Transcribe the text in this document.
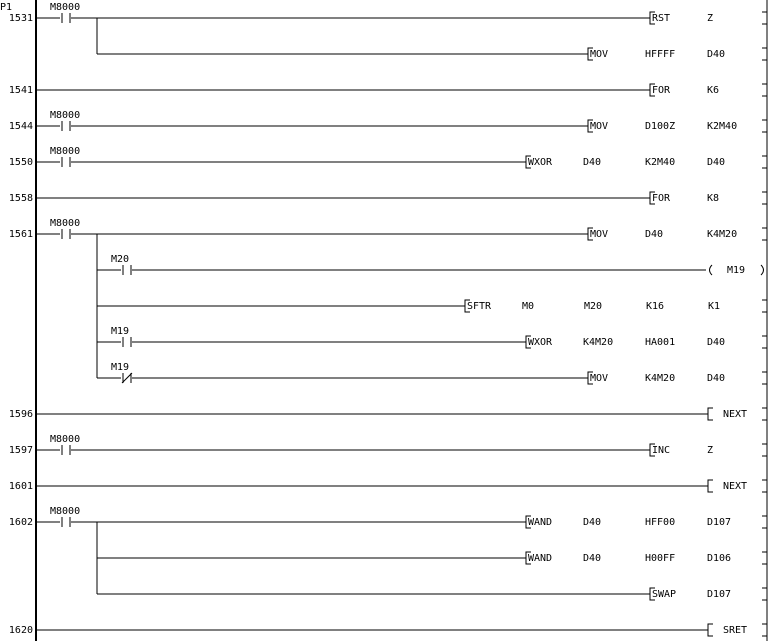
P1
1531
M8000
RST	Z
MOV	HFFFF	D40
1541	FOR	K6
1544
M8000
MOV	D100Z	K2M40
1550
M8000
WXOR	D40	K2M40	D40
1558	FOR	K8
1561
M8000
MOV	D40	K4M20
M20
M19
SFTR	M0	M20	K16	K1
M19
WXOR	K4M20	HA001	D40
M19
MOV	K4M20	D40
1596	NEXT
1597
M8000
INC	Z
1601	NEXT
1602
M8000
WAND	D40	HFF00	D107
WAND	D40	H00FF	D106
SWAP	D107
1620	SRET
